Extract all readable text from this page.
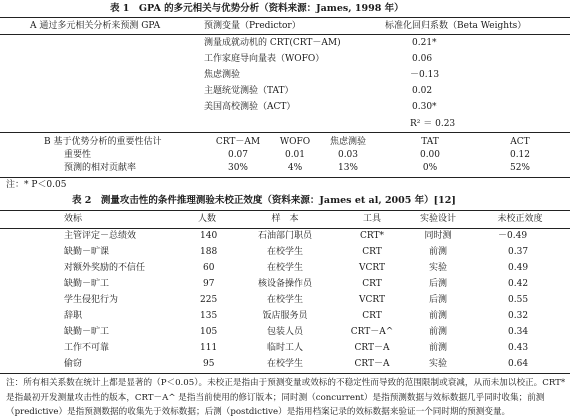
表 1　GPA 的多元相关与优势分析（资料来源：James, 1998 年）
A 通过多元相关分析来预测 GPA	预测变量（Predictor）	标准化回归系数（Beta Weights）
测量成就动机的 CRT(CRT－AM)	0.21*
工作家庭导向量表（WOFO）	0.06
焦虑测验	－0.13
主题统觉测验（TAT）	0.02
美国高校测验（ACT）	0.30*
R² ＝ 0.23
B 基于优势分析的重要性估计	CRT－AM	WOFO	焦虑测验	TAT	ACT
重要性	0.07	0.01	0.03	0.00	0.12
预测的相对贡献率	30%	4%	13%	0%	52%
注：* P＜0.05
表 2　测量攻击性的条件推理测验未校正效度（资料来源：James et al, 2005 年）[12]
效标	人数	样　本	工具	实验设计	未校正效度
主管评定－总绩效	140	石油部门职员	CRT*	同时测	－0.49
缺勤－旷课	188	在校学生	CRT	前测	0.37
对额外奖励的不信任	60	在校学生	VCRT	实验	0.49
缺勤－旷工	97	核设备操作员	CRT	后测	0.42
学生侵犯行为	225	在校学生	VCRT	后测	0.55
辞职	135	饭店服务员	CRT	前测	0.32
缺勤－旷工	105	包装人员	CRT－A^	前测	0.34
工作不可靠	111	临时工人	CRT－A	前测	0.43
偷窃	95	在校学生	CRT－A	实验	0.64
注：所有相关系数在统计上都是显著的（P＜0.05）。未校正是指由于预测变量或效标的不稳定性而导致的范围限制或衰减，从而未加以校正。CRT* 是指最初开发测量攻击性的版本，CRT－A^ 是指当前使用的修订版本；同时测（concurrent）是指预测数据与效标数据几乎同时收集；前测（predictive）是指预测数据的收集先于效标数据；后测（postdictive）是指用档案记录的效标数据来验证一个同时期的预测变量。
